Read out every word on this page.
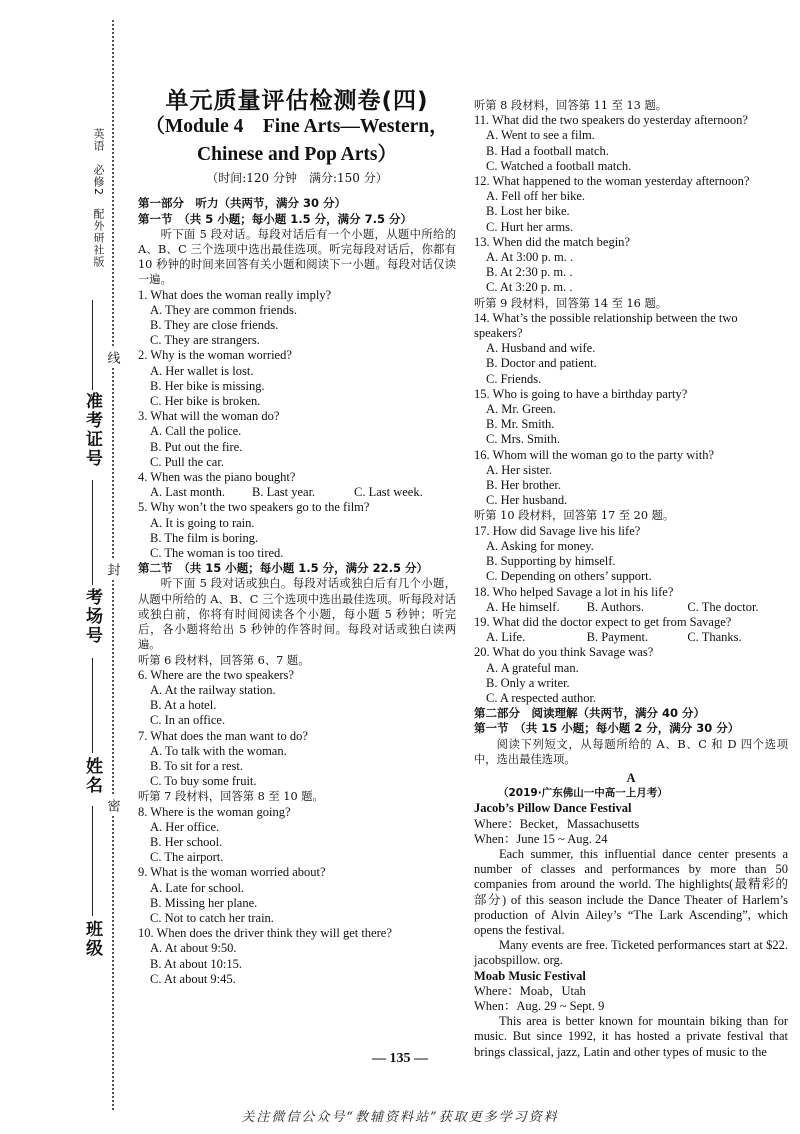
英语　必修2　配外研社版
准考证号
考场号
姓名
班级
线
封
密
单元质量评估检测卷(四)
（Module 4　Fine Arts—Western，
Chinese and Pop Arts）
（时间:120 分钟　满分:150 分）
第一部分　听力（共两节，满分 30 分）
第一节　（共 5 小题；每小题 1.5 分，满分 7.5 分）
听下面 5 段对话。每段对话后有一个小题，从题中所给的 A、B、C 三个选项中选出最佳选项。听完每段对话后，你都有 10 秒钟的时间来回答有关小题和阅读下一小题。每段对话仅读一遍。
1. What does the woman really imply?
A. They are common friends.
B. They are close friends.
C. They are strangers.
2. Why is the woman worried?
A. Her wallet is lost.
B. Her bike is missing.
C. Her bike is broken.
3. What will the woman do?
A. Call the police.
B. Put out the fire.
C. Pull the car.
4. When was the piano bought?
A. Last month.	B. Last year.	C. Last week.
5. Why won’t the two speakers go to the film?
A. It is going to rain.
B. The film is boring.
C. The woman is too tired.
第二节　（共 15 小题；每小题 1.5 分，满分 22.5 分）
听下面 5 段对话或独白。每段对话或独白后有几个小题，从题中所给的 A、B、C 三个选项中选出最佳选项。听每段对话或独白前，你将有时间阅读各个小题，每小题 5 秒钟；听完后，各小题将给出 5 秒钟的作答时间。每段对话或独白读两遍。
听第 6 段材料，回答第 6、7 题。
6. Where are the two speakers?
A. At the railway station.
B. At a hotel.
C. In an office.
7. What does the man want to do?
A. To talk with the woman.
B. To sit for a rest.
C. To buy some fruit.
听第 7 段材料，回答第 8 至 10 题。
8. Where is the woman going?
A. Her office.
B. Her school.
C. The airport.
9. What is the woman worried about?
A. Late for school.
B. Missing her plane.
C. Not to catch her train.
10. When does the driver think they will get there?
A. At about 9:50.
B. At about 10:15.
C. At about 9:45.
听第 8 段材料，回答第 11 至 13 题。
11. What did the two speakers do yesterday afternoon?
A. Went to see a film.
B. Had a football match.
C. Watched a football match.
12. What happened to the woman yesterday afternoon?
A. Fell off her bike.
B. Lost her bike.
C. Hurt her arms.
13. When did the match begin?
A. At 3:00 p. m. .
B. At 2:30 p. m. .
C. At 3:20 p. m. .
听第 9 段材料，回答第 14 至 16 题。
14. What’s the possible relationship between the two speakers?
A. Husband and wife.
B. Doctor and patient.
C. Friends.
15. Who is going to have a birthday party?
A. Mr. Green.
B. Mr. Smith.
C. Mrs. Smith.
16. Whom will the woman go to the party with?
A. Her sister.
B. Her brother.
C. Her husband.
听第 10 段材料，回答第 17 至 20 题。
17. How did Savage live his life?
A. Asking for money.
B. Supporting by himself.
C. Depending on others’ support.
18. Who helped Savage a lot in his life?
A. He himself.	B. Authors.	C. The doctor.
19. What did the doctor expect to get from Savage?
A. Life.	B. Payment.	C. Thanks.
20. What do you think Savage was?
A. A grateful man.
B. Only a writer.
C. A respected author.
第二部分　阅读理解（共两节，满分 40 分）
第一节　（共 15 小题；每小题 2 分，满分 30 分）
阅读下列短文，从每题所给的 A、B、C 和 D 四个选项中，选出最佳选项。
A
（2019·广东佛山一中高一上月考）
Jacob’s Pillow Dance Festival
Where：Becket，Massachusetts
When：June 15 ~ Aug. 24
Each summer, this influential dance center presents a number of classes and performances by more than 50 companies from around the world. The highlights(最精彩的部分) of this season include the Dance Theater of Harlem’s production of Alvin Ailey’s “The Lark Ascending”, which opens the festival.
Many events are free. Ticketed performances start at $22. jacobspillow. org.
Moab Music Festival
Where：Moab，Utah
When：Aug. 29 ~ Sept. 9
This area is better known for mountain biking than for music. But since 1992, it has hosted a private festival that brings classical, jazz, Latin and other types of music to the
— 135 —
关注微信公众号“教辅资料站”获取更多学习资料
